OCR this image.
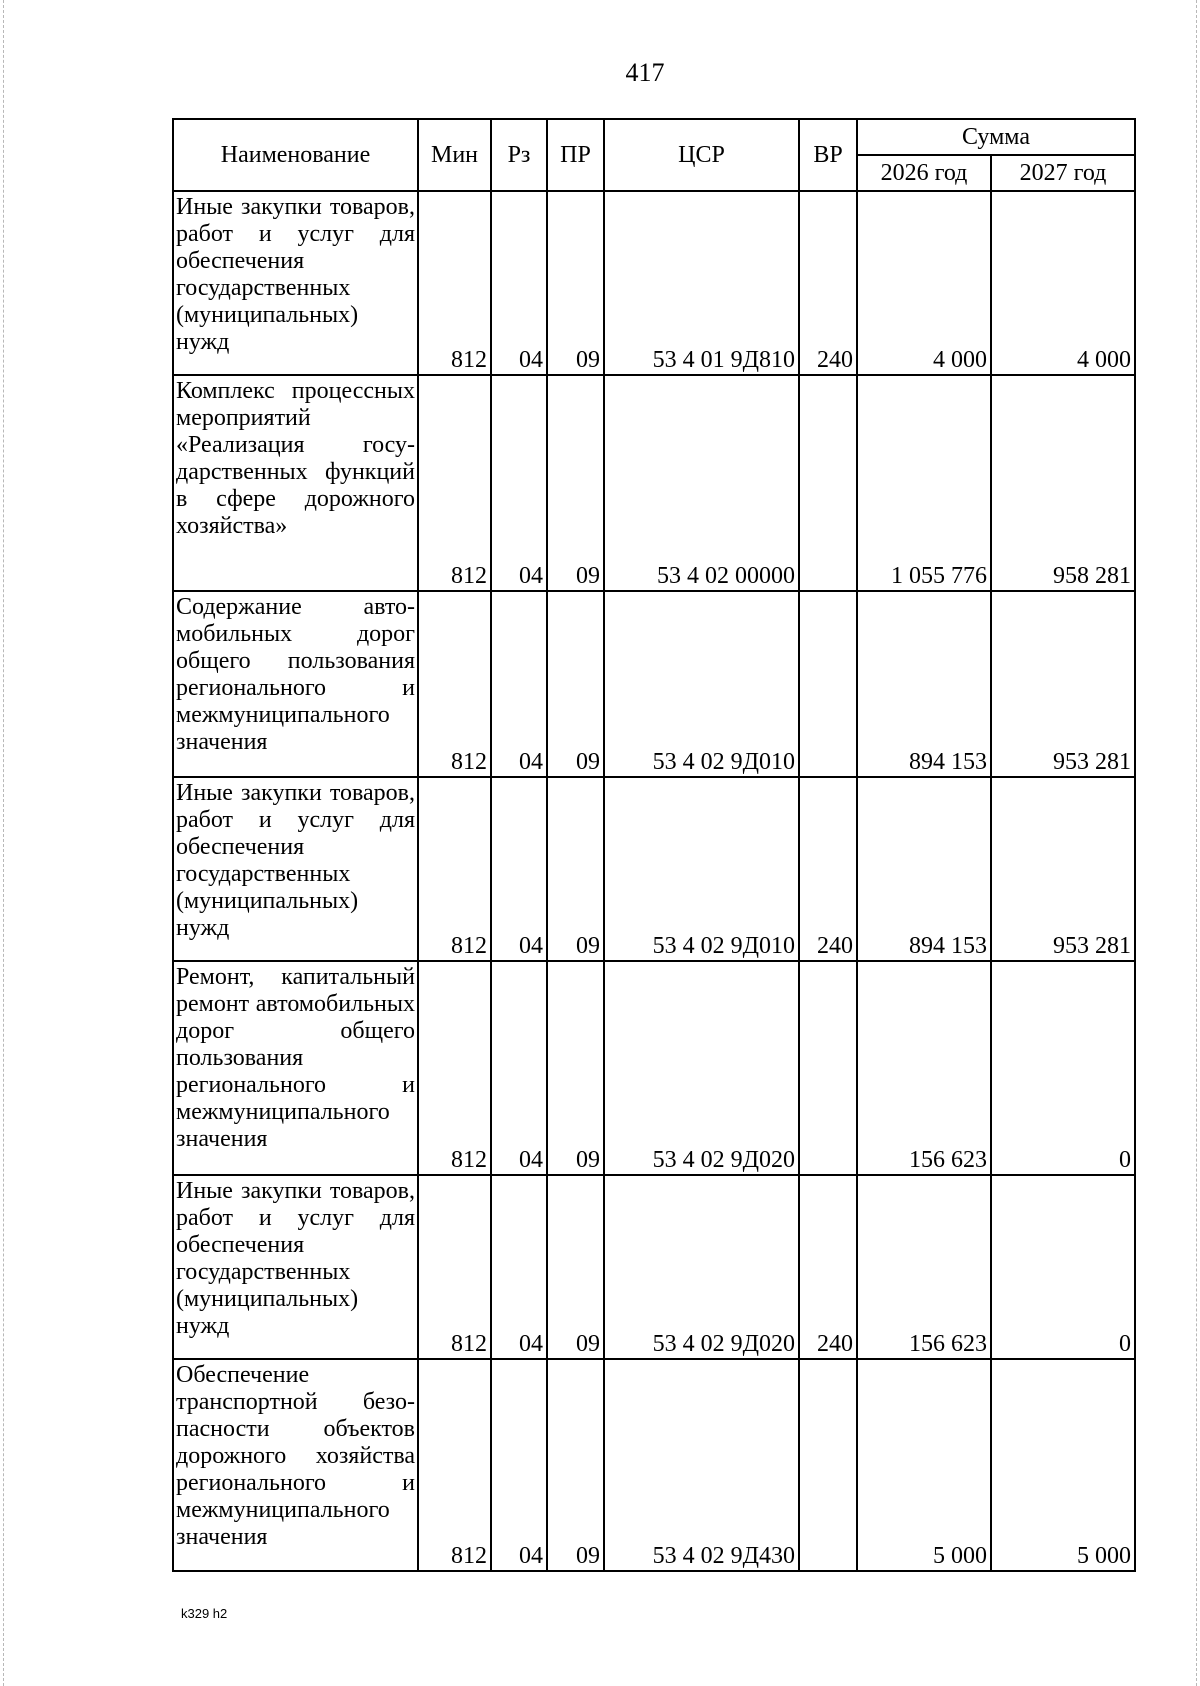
417
Наименование	Мин	Рз	ПР	ЦСР	ВР	Сумма	
						2026 год	2027 год
Иные закупки товаров, работ и услуг для обеспечения государственных (муниципальных) нужд	812	04	09	53 4 01 9Д810	240	4 000	4 000
Комплекс процессных мероприятий «Реализация государственных функций в сфере дорожного хозяйства»	812	04	09	53 4 02 00000		1 055 776	958 281
Содержание автомобильных дорог общего пользования регионального и межмуниципального значения	812	04	09	53 4 02 9Д010		894 153	953 281
Иные закупки товаров, работ и услуг для обеспечения государственных (муниципальных) нужд	812	04	09	53 4 02 9Д010	240	894 153	953 281
Ремонт, капитальный ремонт автомобильных дорог общего пользования регионального и межмуниципального значения	812	04	09	53 4 02 9Д020		156 623	0
Иные закупки товаров, работ и услуг для обеспечения государственных (муниципальных) нужд	812	04	09	53 4 02 9Д020	240	156 623	0
Обеспечение транспортной безопасности объектов дорожного хозяйства регионального и межмуниципального значения	812	04	09	53 4 02 9Д430		5 000	5 000
k329 h2
